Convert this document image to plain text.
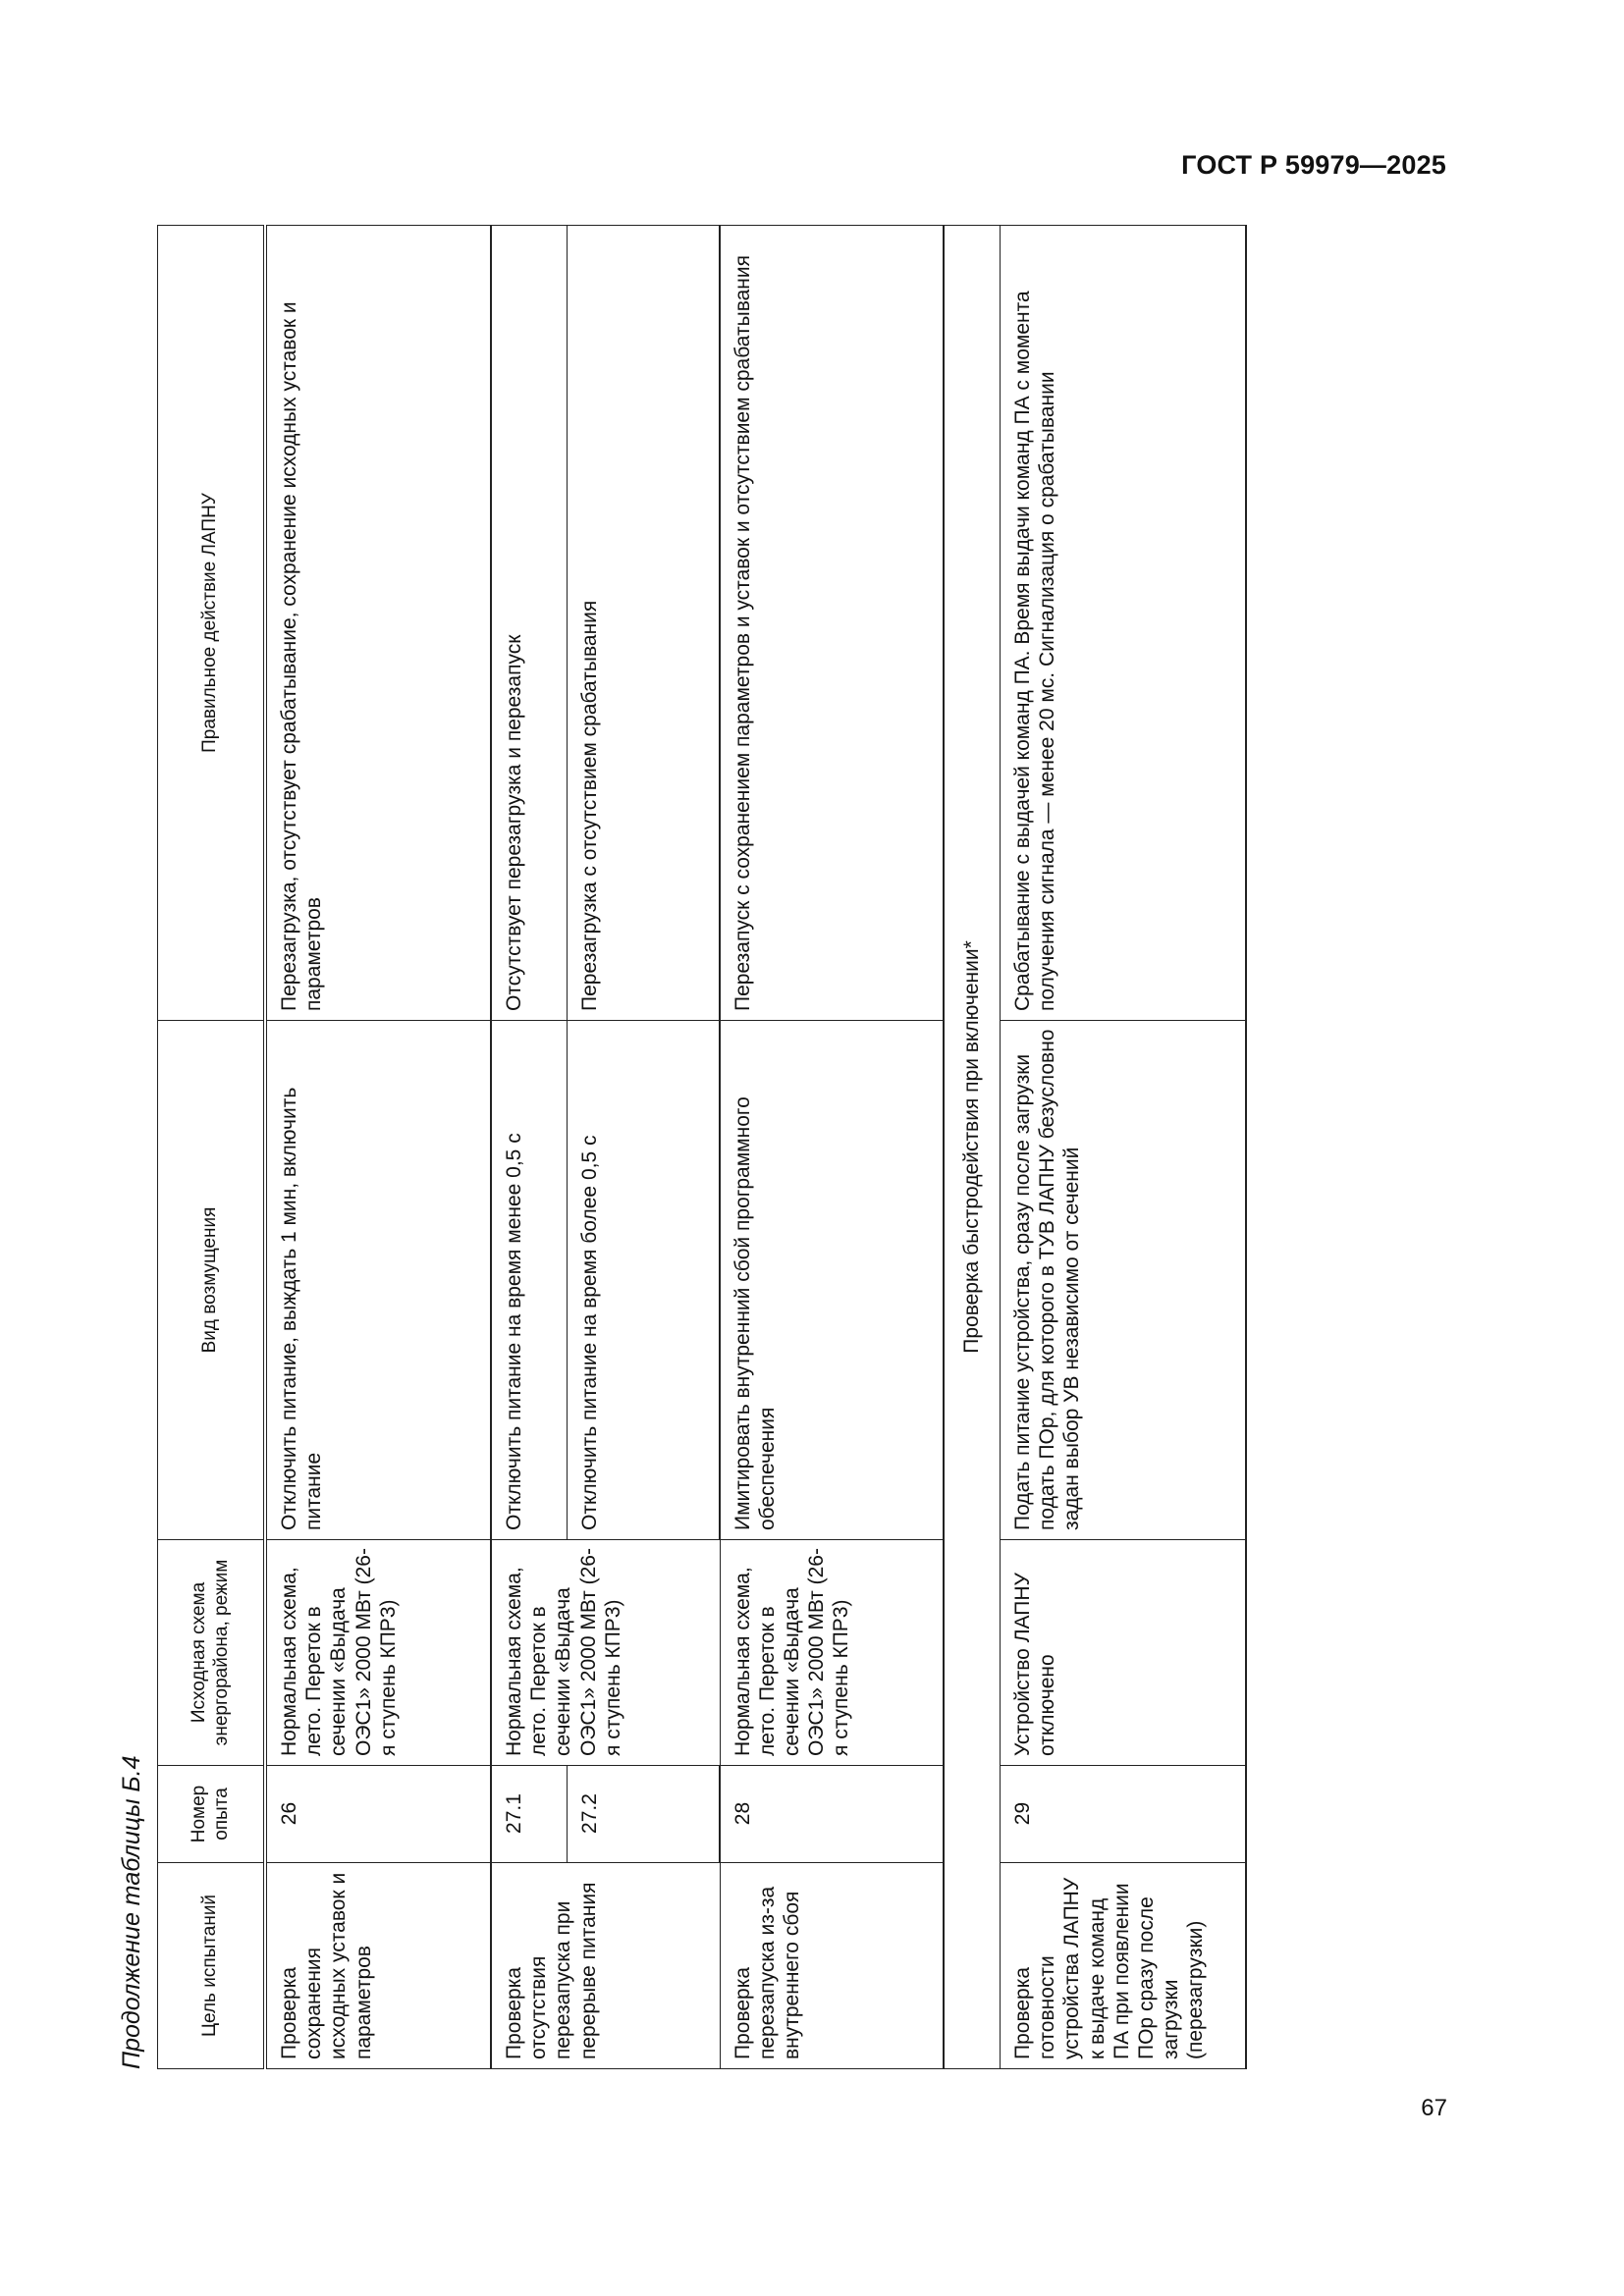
ГОСТ Р 59979—2025
Продолжение таблицы Б.4	Цель испытаний	Номер опыта	Исходная схема энергорайона, режим	Вид возмущения	Правильное действие ЛАПНУ
Проверка сохранения исходных уставок и параметров	26	Нормальная схема, лето. Переток в сечении «Выдача ОЭС1» 2000 МВт (26-я ступень КПР3)	Отключить питание, выждать 1 мин, включить питание	Перезагрузка, отсутствует срабатывание, сохранение исходных уставок и параметров
Проверка отсутствия перезапуска при перерыве питания	27.1	Нормальная схема, лето. Переток в сечении «Выдача ОЭС1» 2000 МВт (26-я ступень КПР3)	Отключить питание на время менее 0,5 с	Отсутствует перезагрузка и перезапуск
	27.2		Отключить питание на время более 0,5 с	Перезагрузка с отсутствием срабатывания
Проверка перезапуска из-за внутреннего сбоя	28	Нормальная схема, лето. Переток в сечении «Выдача ОЭС1» 2000 МВт (26-я ступень КПР3)	Имитировать внутренний сбой программного обеспечения	Перезапуск с сохранением параметров и уставок и отсутствием срабатывания
Проверка быстродействия при включении*				
Проверка готовности устройства ЛАПНУ к выдаче команд ПА при появлении ПОр сразу после загрузки (перезагрузки)	29	Устройство ЛАПНУ отключено	Подать питание устройства, сразу после загрузки подать ПОр, для которого в ТУВ ЛАПНУ безусловно задан выбор УВ независимо от сечений	Срабатывание с выдачей команд ПА. Время выдачи команд ПА с момента получения сигнала — менее 20 мс. Сигнализация о срабатывании
67
